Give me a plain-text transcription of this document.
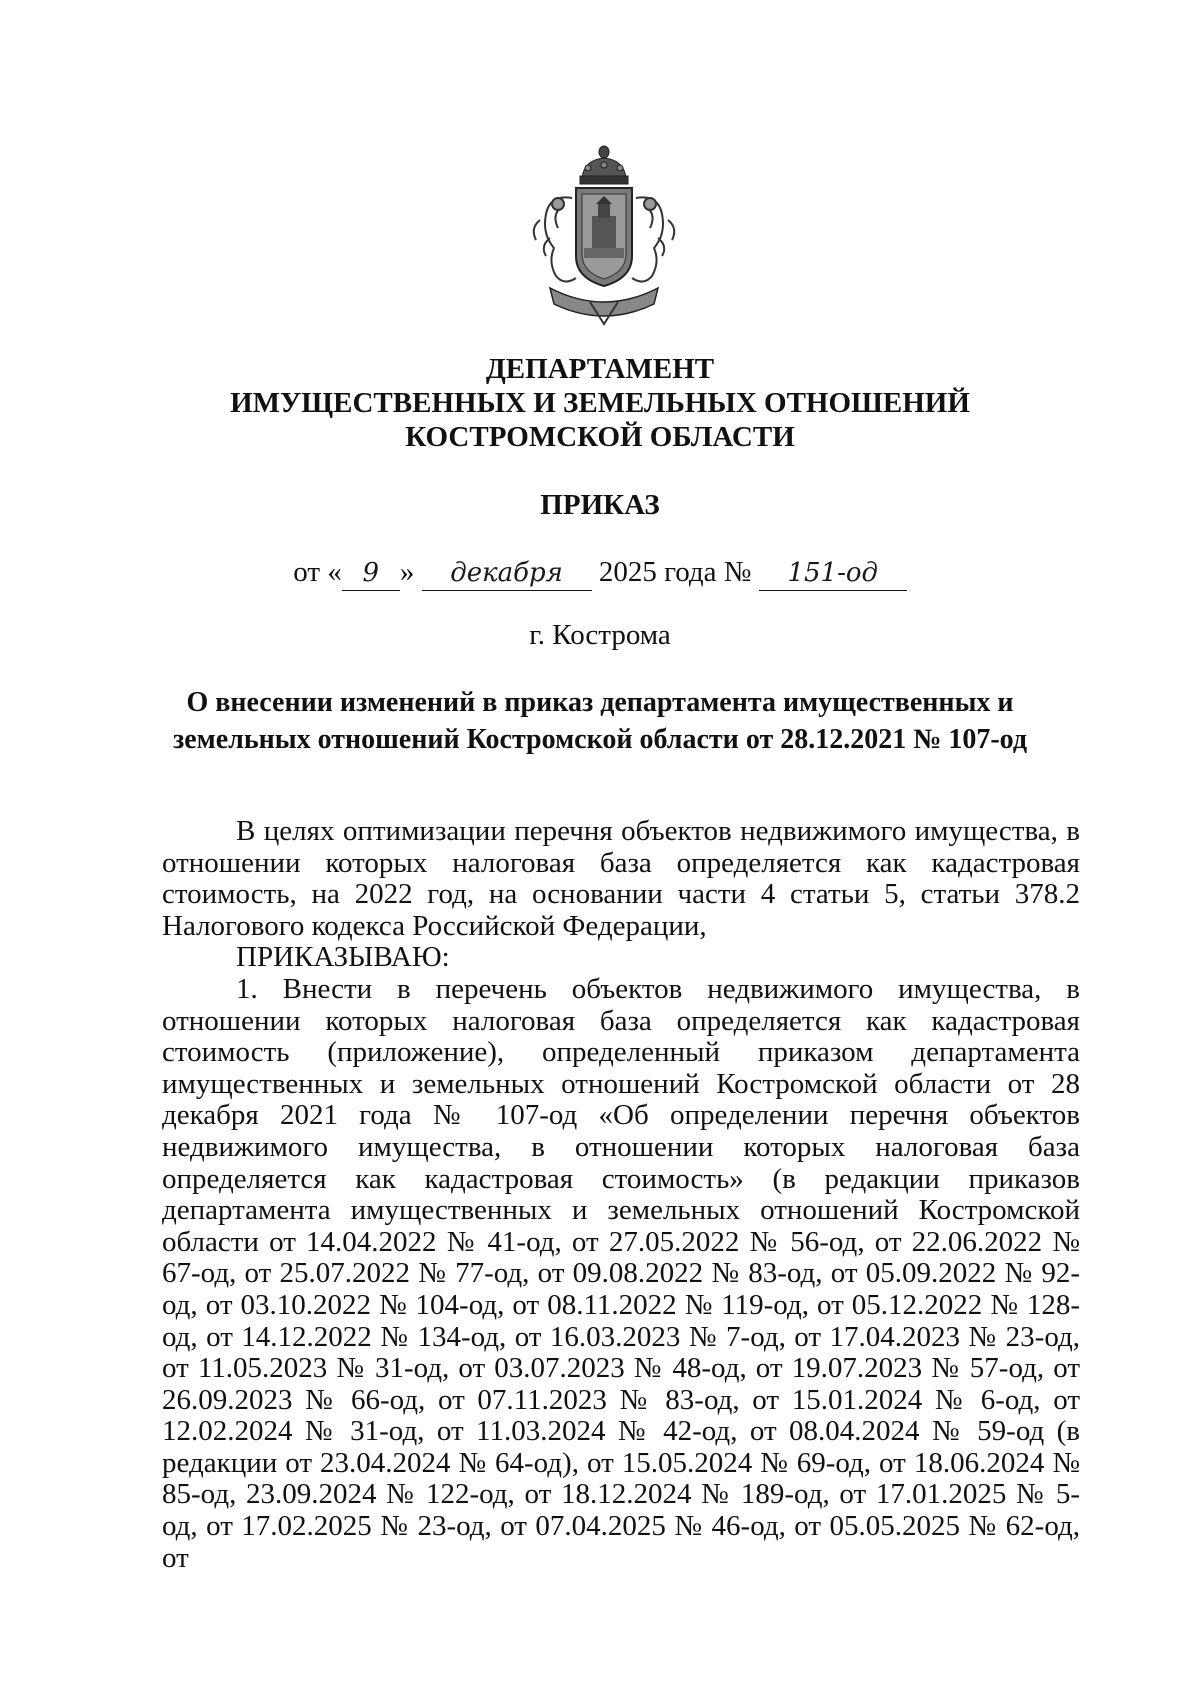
ДЕПАРТАМЕНТ
ИМУЩЕСТВЕННЫХ И ЗЕМЕЛЬНЫХ ОТНОШЕНИЙ
КОСТРОМСКОЙ ОБЛАСТИ
ПРИКАЗ
от « 9 » декабря 2025 года № 151-од
г. Кострома
О внесении изменений в приказ департамента имущественных и
земельных отношений Костромской области от 28.12.2021 № 107-од

В целях оптимизации перечня объектов недвижимого имущества, в отношении которых налоговая база определяется как кадастровая стоимость, на 2022 год, на основании части 4 статьи 5, статьи 378.2 Налогового кодекса Российской Федерации,

ПРИКАЗЫВАЮ:

1. Внести в перечень объектов недвижимого имущества, в отношении которых налоговая база определяется как кадастровая стоимость (приложение), определенный приказом департамента имущественных и земельных отношений Костромской области от 28 декабря 2021 года № 107-од «Об определении перечня объектов недвижимого имущества, в отношении которых налоговая база определяется как кадастровая стоимость» (в редакции приказов департамента имущественных и земельных отношений Костромской области от 14.04.2022 № 41-од, от 27.05.2022 № 56-од, от 22.06.2022 № 67-од, от 25.07.2022 № 77-од, от 09.08.2022 № 83-од, от 05.09.2022 № 92-од, от 03.10.2022 № 104-од, от 08.11.2022 № 119-од, от 05.12.2022 № 128-од, от 14.12.2022 № 134-од, от 16.03.2023 № 7-од, от 17.04.2023 № 23-од, от 11.05.2023 № 31-од, от 03.07.2023 № 48-од, от 19.07.2023 № 57-од, от 26.09.2023 № 66-од, от 07.11.2023 № 83-од, от 15.01.2024 № 6-од, от 12.02.2024 № 31-од, от 11.03.2024 № 42-од, от 08.04.2024 № 59-од (в редакции от 23.04.2024 № 64-од), от 15.05.2024 № 69-од, от 18.06.2024 № 85-од, 23.09.2024 № 122-од, от 18.12.2024 № 189-од, от 17.01.2025 № 5-од, от 17.02.2025 № 23-од, от 07.04.2025 № 46-од, от 05.05.2025 № 62-од, от
